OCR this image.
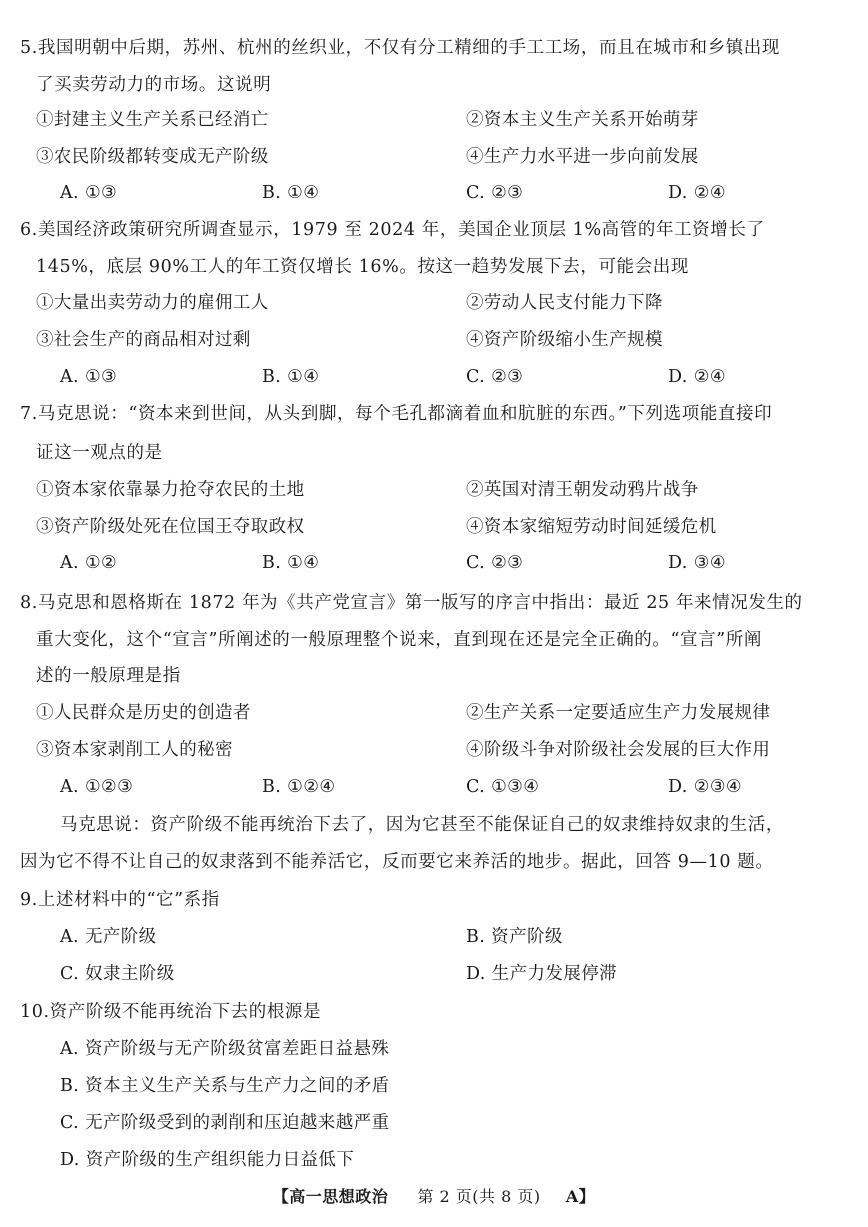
5.我国明朝中后期，苏州、杭州的丝织业，不仅有分工精细的手工工场，而且在城市和乡镇出现
了买卖劳动力的市场。这说明
①封建主义生产关系已经消亡	②资本主义生产关系开始萌芽
③农民阶级都转变成无产阶级	④生产力水平进一步向前发展
A. ①③	B. ①④	C. ②③	D. ②④
6.美国经济政策研究所调查显示，1979 至 2024 年，美国企业顶层 1%高管的年工资增长了
145%，底层 90%工人的年工资仅增长 16%。按这一趋势发展下去，可能会出现
①大量出卖劳动力的雇佣工人	②劳动人民支付能力下降
③社会生产的商品相对过剩	④资产阶级缩小生产规模
A. ①③	B. ①④	C. ②③	D. ②④
7.马克思说：“资本来到世间，从头到脚，每个毛孔都滴着血和肮脏的东西。”下列选项能直接印
证这一观点的是
①资本家依靠暴力抢夺农民的土地	②英国对清王朝发动鸦片战争
③资产阶级处死在位国王夺取政权	④资本家缩短劳动时间延缓危机
A. ①②	B. ①④	C. ②③	D. ③④
8.马克思和恩格斯在 1872 年为《共产党宣言》第一版写的序言中指出：最近 25 年来情况发生的
重大变化，这个“宣言”所阐述的一般原理整个说来，直到现在还是完全正确的。“宣言”所阐
述的一般原理是指
①人民群众是历史的创造者	②生产关系一定要适应生产力发展规律
③资本家剥削工人的秘密	④阶级斗争对阶级社会发展的巨大作用
A. ①②③	B. ①②④	C. ①③④	D. ②③④
马克思说：资产阶级不能再统治下去了，因为它甚至不能保证自己的奴隶维持奴隶的生活，
因为它不得不让自己的奴隶落到不能养活它，反而要它来养活的地步。据此，回答 9—10 题。
9.上述材料中的“它”系指
A. 无产阶级	B. 资产阶级
C. 奴隶主阶级	D. 生产力发展停滞
10.资产阶级不能再统治下去的根源是
A. 资产阶级与无产阶级贫富差距日益悬殊
B. 资本主义生产关系与生产力之间的矛盾
C. 无产阶级受到的剥削和压迫越来越严重
D. 资产阶级的生产组织能力日益低下
【高一思想政治 第 2 页(共 8 页) A】
